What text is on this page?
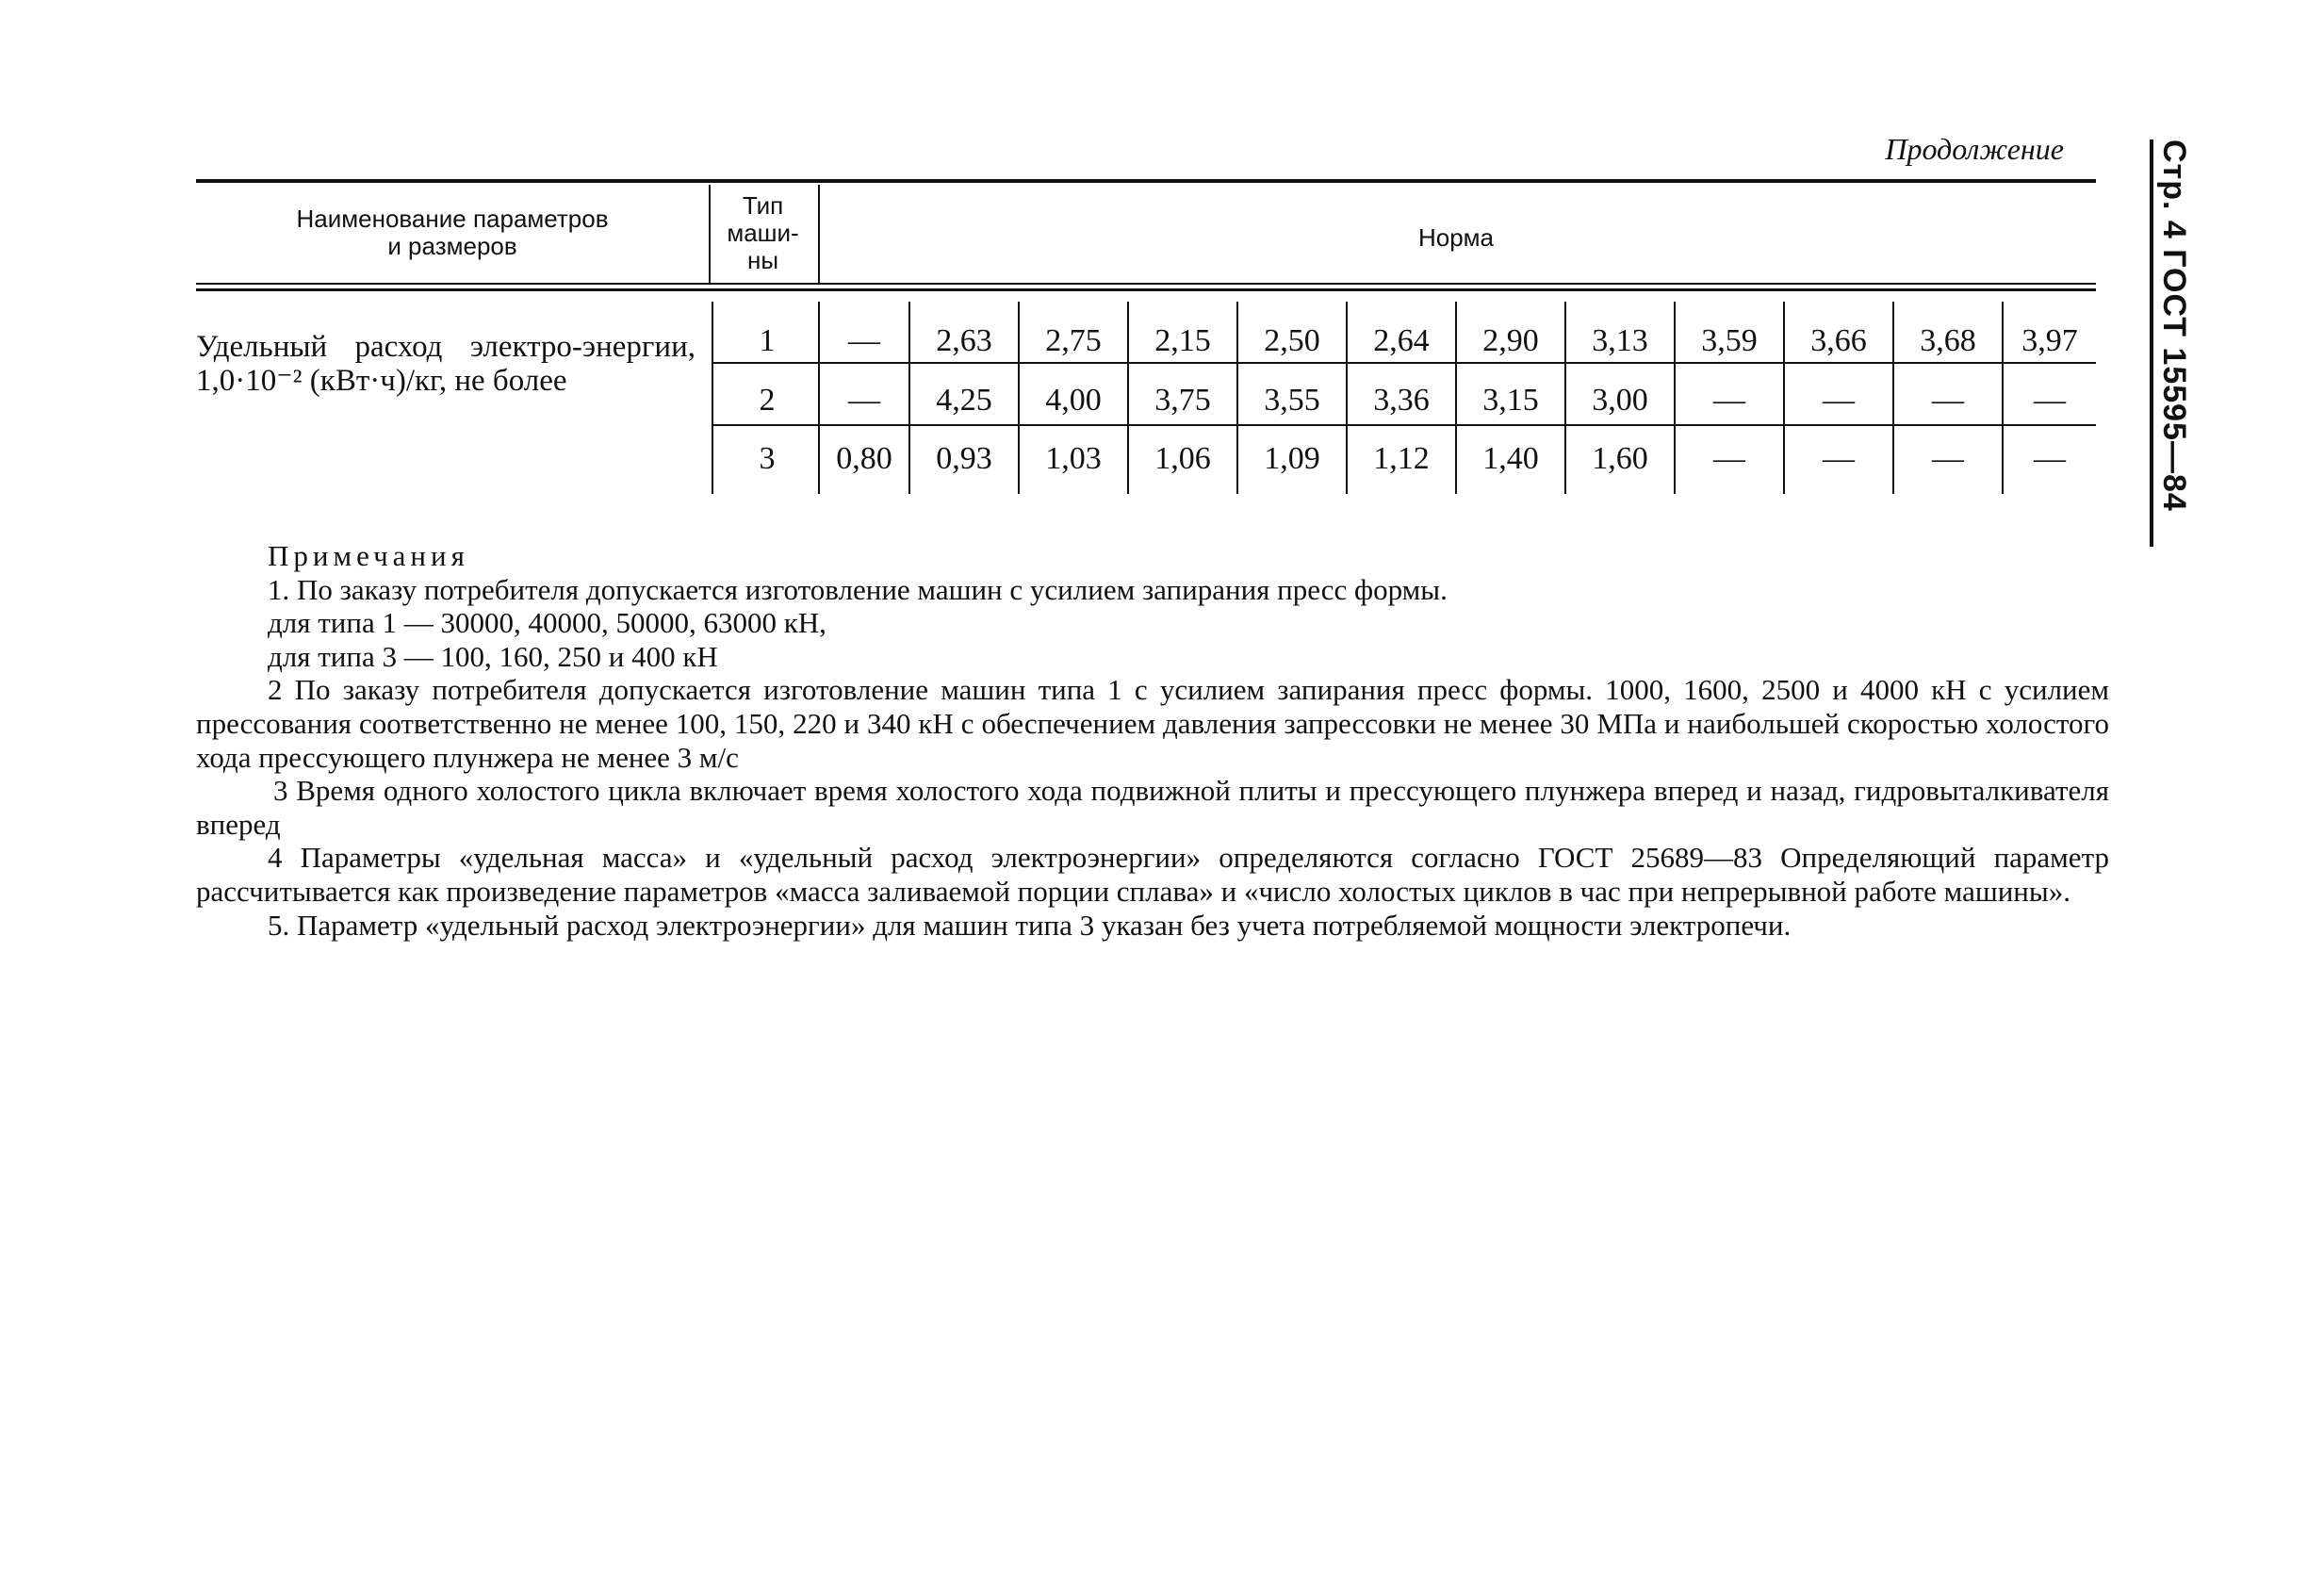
Продолжение	Стр. 4 ГОСТ 15595—84
Наименование параметров
и размеров
Тип
маши-
ны
Норма
Удельный расход электро-энергии, 1,0·10⁻² (кВт·ч)/кг, не более
1	—	2,63	2,75	2,15	2,50	2,64	2,90	3,13	3,59	3,66	3,68	3,97
2	—	4,25	4,00	3,75	3,55	3,36	3,15	3,00	—	—	—	—
3	0,80	0,93	1,03	1,06	1,09	1,12	1,40	1,60	—	—	—	—

Примечания

1. По заказу потребителя допускается изготовление машин с усилием запирания пресс формы.

для типа 1 — 30000, 40000, 50000, 63000 кН,

для типа 3 — 100, 160, 250 и 400 кН

2 По заказу потребителя допускается изготовление машин типа 1 с усилием запирания пресс формы. 1000, 1600, 2500 и 4000 кН с усилием прессования соответственно не менее 100, 150, 220 и 340 кН с обеспечением давления запрессовки не менее 30 МПа и наибольшей скоростью холостого хода прессующего плунжера не менее 3 м/с

3 Время одного холостого цикла включает время холостого хода подвижной плиты и прессующего плунжера вперед и назад, гидровыталкивателя вперед

4 Параметры «удельная масса» и «удельный расход электроэнергии» определяются согласно ГОСТ 25689—83 Определяющий параметр рассчитывается как произведение параметров «масса заливаемой порции сплава» и «число холостых циклов в час при непрерывной работе машины».

5. Параметр «удельный расход электроэнергии» для машин типа 3 указан без учета потребляемой мощности электропечи.
